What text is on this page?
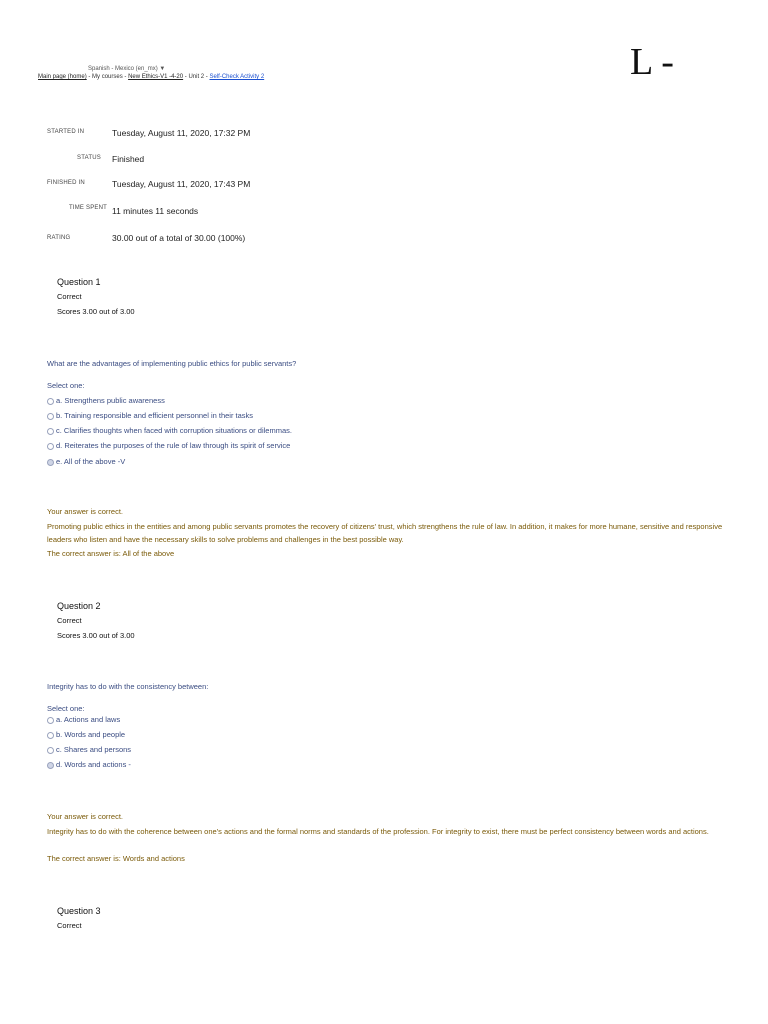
Spanish - Mexico (en_mx) ▼
Main page (home) - My courses - New Ethics-V1 -4-20 - Unit 2 - Self-Check Activity 2	L -
STARTED IN	Tuesday, August 11, 2020, 17:32 PM
STATUS Finished
FINISHED IN	Tuesday, August 11, 2020, 17:43 PM
TIME SPENT 11 minutes 11 seconds
RATING	30.00 out of a total of 30.00 (100%)
Question 1
Correct
Scores 3.00 out of 3.00
What are the advantages of implementing public ethics for public servants?
Select one:
a. Strengthens public awareness
b. Training responsible and efficient personnel in their tasks
c. Clarifies thoughts when faced with corruption situations or dilemmas.
d. Reiterates the purposes of the rule of law through its spirit of service
e. All of the above -V
Your answer is correct.
Promoting public ethics in the entities and among public servants promotes the recovery of citizens' trust, which strengthens the rule of law. In addition, it makes for more humane, sensitive and responsive leaders who listen and have the necessary skills to solve problems and challenges in the best possible way.
The correct answer is: All of the above
Question 2
Correct
Scores 3.00 out of 3.00
Integrity has to do with the consistency between:
Select one:
a. Actions and laws
b. Words and people
c. Shares and persons
d. Words and actions -
Your answer is correct.
Integrity has to do with the coherence between one's actions and the formal norms and standards of the profession. For integrity to exist, there must be perfect consistency between words and actions.
The correct answer is: Words and actions
Question 3
Correct
